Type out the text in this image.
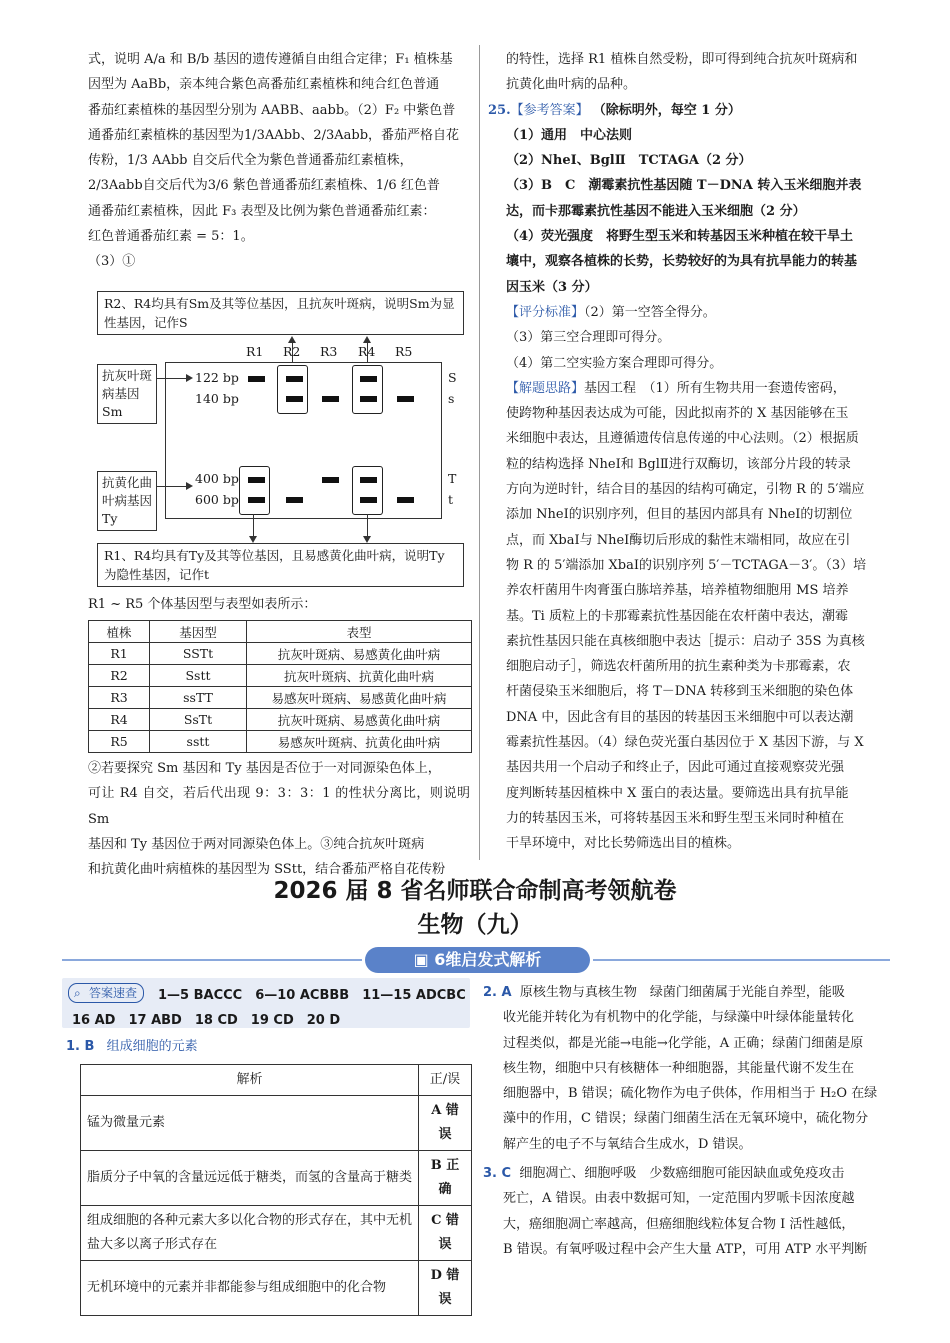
式，说明 A/a 和 B/b 基因的遗传遵循自由组合定律；F₁ 植株基
因型为 AaBb，亲本纯合紫色高番茄红素植株和纯合红色普通
番茄红素植株的基因型分别为 AABB、aabb。（2）F₂ 中紫色普
通番茄红素植株的基因型为1/3AAbb、2/3Aabb，番茄严格自花
传粉，1/3 AAbb 自交后代全为紫色普通番茄红素植株，
2/3Aabb自交后代为3/6 紫色普通番茄红素植株、1/6 红色普
通番茄红素植株，因此 F₃ 表型及比例为紫色普通番茄红素：
红色普通番茄红素 = 5：1。
（3）①
R2、R4均具有Sm及其等位基因，且抗灰叶斑病，说明Sm为显性基因，记作S
R1 R2 R3 R4 R5
抗灰叶斑病基因Sm
122 bp
140 bp
抗黄化曲叶病基因Ty
400 bp
600 bp
S
s
T
t
R1、R4均具有Ty及其等位基因，且易感黄化曲叶病，说明Ty为隐性基因，记作t
R1 ~ R5 个体基因型与表型如表所示：
植株	基因型	表型
R1	SSTt	抗灰叶斑病、易感黄化曲叶病
R2	Sstt	抗灰叶斑病、抗黄化曲叶病
R3	ssTT	易感灰叶斑病、易感黄化曲叶病
R4	SsTt	抗灰叶斑病、易感黄化曲叶病
R5	sstt	易感灰叶斑病、抗黄化曲叶病
②若要探究 Sm 基因和 Ty 基因是否位于一对同源染色体上，
可让 R4 自交，若后代出现 9：3：3：1 的性状分离比，则说明 Sm
基因和 Ty 基因位于两对同源染色体上。③纯合抗灰叶斑病
和抗黄化曲叶病植株的基因型为 SStt，结合番茄严格自花传粉
的特性，选择 R1 植株自然受粉，即可得到纯合抗灰叶斑病和
抗黄化曲叶病的品种。
25.【参考答案】 （除标明外，每空 1 分）
（1）通用　中心法则
（2）NheⅠ、BglⅡ　TCTAGA（2 分）
（3）B　C　潮霉素抗性基因随 T－DNA 转入玉米细胞并表
达，而卡那霉素抗性基因不能进入玉米细胞（2 分）
（4）荧光强度　将野生型玉米和转基因玉米种植在较干旱土
壤中，观察各植株的长势，长势较好的为具有抗旱能力的转基
因玉米（3 分）
【评分标准】（2）第一空答全得分。
（3）第三空合理即可得分。
（4）第二空实验方案合理即可得分。
【解题思路】基因工程　（1）所有生物共用一套遗传密码，
使跨物种基因表达成为可能，因此拟南芥的 X 基因能够在玉
米细胞中表达，且遵循遗传信息传递的中心法则。（2）根据质
粒的结构选择 NheⅠ和 BglⅡ进行双酶切，该部分片段的转录
方向为逆时针，结合目的基因的结构可确定，引物 R 的 5′端应
添加 NheⅠ的识别序列，但目的基因内部具有 NheⅠ的切割位
点，而 XbaⅠ与 NheⅠ酶切后形成的黏性末端相同，故应在引
物 R 的 5′端添加 XbaⅠ的识别序列 5′－TCTAGA－3′。（3）培
养农杆菌用牛肉膏蛋白胨培养基，培养植物细胞用 MS 培养
基。Ti 质粒上的卡那霉素抗性基因能在农杆菌中表达，潮霉
素抗性基因只能在真核细胞中表达［提示：启动子 35S 为真核
细胞启动子］，筛选农杆菌所用的抗生素种类为卡那霉素，农
杆菌侵染玉米细胞后，将 T－DNA 转移到玉米细胞的染色体
DNA 中，因此含有目的基因的转基因玉米细胞中可以表达潮
霉素抗性基因。（4）绿色荧光蛋白基因位于 X 基因下游，与 X
基因共用一个启动子和终止子，因此可通过直接观察荧光强
度判断转基因植株中 X 蛋白的表达量。要筛选出具有抗旱能
力的转基因玉米，可将转基因玉米和野生型玉米同时种植在
干旱环境中，对比长势筛选出目的植株。
2026 届 8 省名师联合命制高考领航卷
生物（九）
▣ 6维启发式解析
⌕ 答案速查	1—5 BACCC　6—10 ACBBB　11—15 ADCBC
16 AD　17 ABD　18 CD　19 CD　20 D
1. B 组成细胞的元素
解析	正/误
锰为微量元素	A 错误
脂质分子中氧的含量远远低于糖类，而氢的含量高于糖类	B 正确
组成细胞的各种元素大多以化合物的形式存在，其中无机盐大多以离子形式存在	C 错误
无机环境中的元素并非都能参与组成细胞中的化合物	D 错误
2. A 原核生物与真核生物　绿菌门细菌属于光能自养型，能吸
收光能并转化为有机物中的化学能，与绿藻中叶绿体能量转化
过程类似，都是光能→电能→化学能，A 正确；绿菌门细菌是原
核生物，细胞中只有核糖体一种细胞器，其能量代谢不发生在
细胞器中，B 错误；硫化物作为电子供体，作用相当于 H₂O 在绿
藻中的作用，C 错误；绿菌门细菌生活在无氧环境中，硫化物分
解产生的电子不与氧结合生成水，D 错误。
3. C 细胞凋亡、细胞呼吸　少数癌细胞可能因缺血或免疫攻击
死亡，A 错误。由表中数据可知，一定范围内罗哌卡因浓度越
大，癌细胞凋亡率越高，但癌细胞线粒体复合物 Ⅰ 活性越低，
B 错误。有氧呼吸过程中会产生大量 ATP，可用 ATP 水平判断
